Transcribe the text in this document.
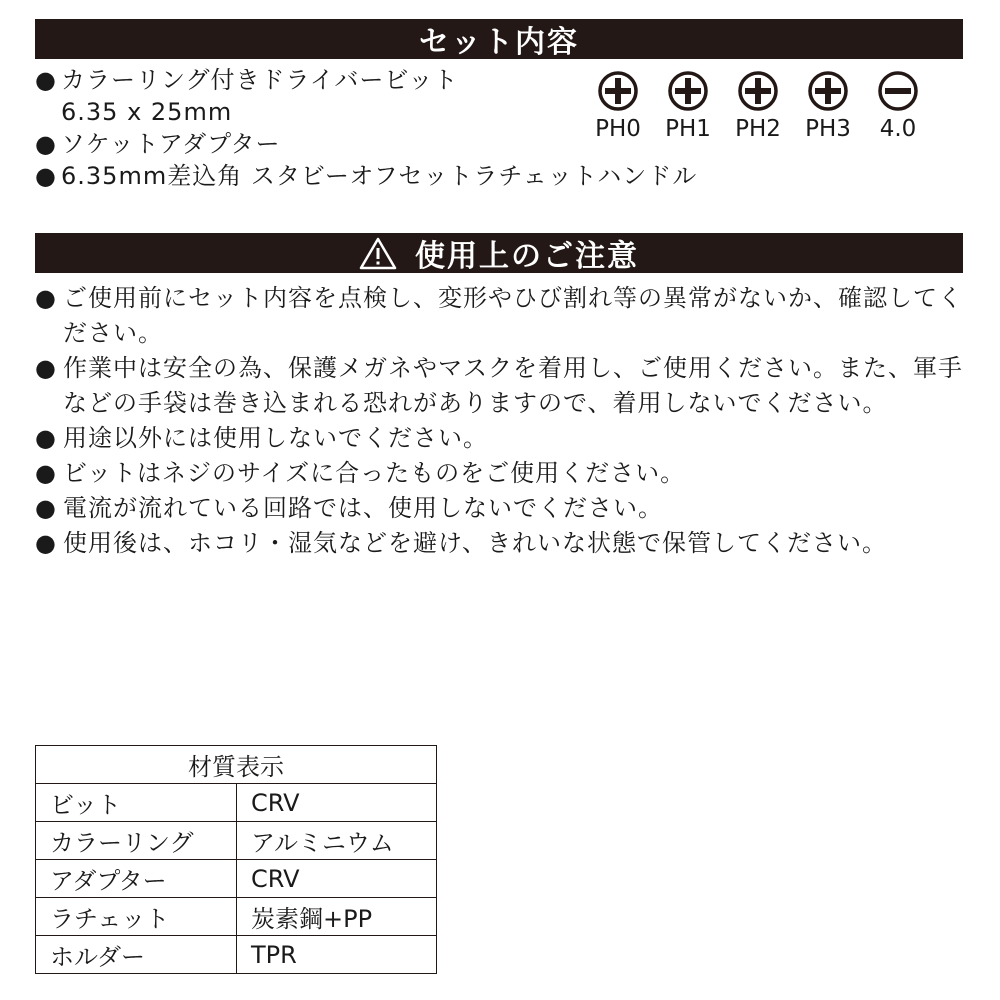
セット内容
● カラーリング付きドライバービット
6.35 x 25mm
● ソケットアダプター
● 6.35mm差込角 スタビーオフセットラチェットハンドル
PH0 PH1 PH2 PH3 4.0
使用上のご注意
● ご使用前にセット内容を点検し、変形やひび割れ等の異常がないか、確認してください。
● 作業中は安全の為、保護メガネやマスクを着用し、ご使用ください。また、軍手などの手袋は巻き込まれる恐れがありますので、着用しないでください。
● 用途以外には使用しないでください。
● ビットはネジのサイズに合ったものをご使用ください。
● 電流が流れている回路では、使用しないでください。
● 使用後は、ホコリ・湿気などを避け、きれいな状態で保管してください。
材質表示	
ビット	CRV
カラーリング	アルミニウム
アダプター	CRV
ラチェット	炭素鋼+PP
ホルダー	TPR
